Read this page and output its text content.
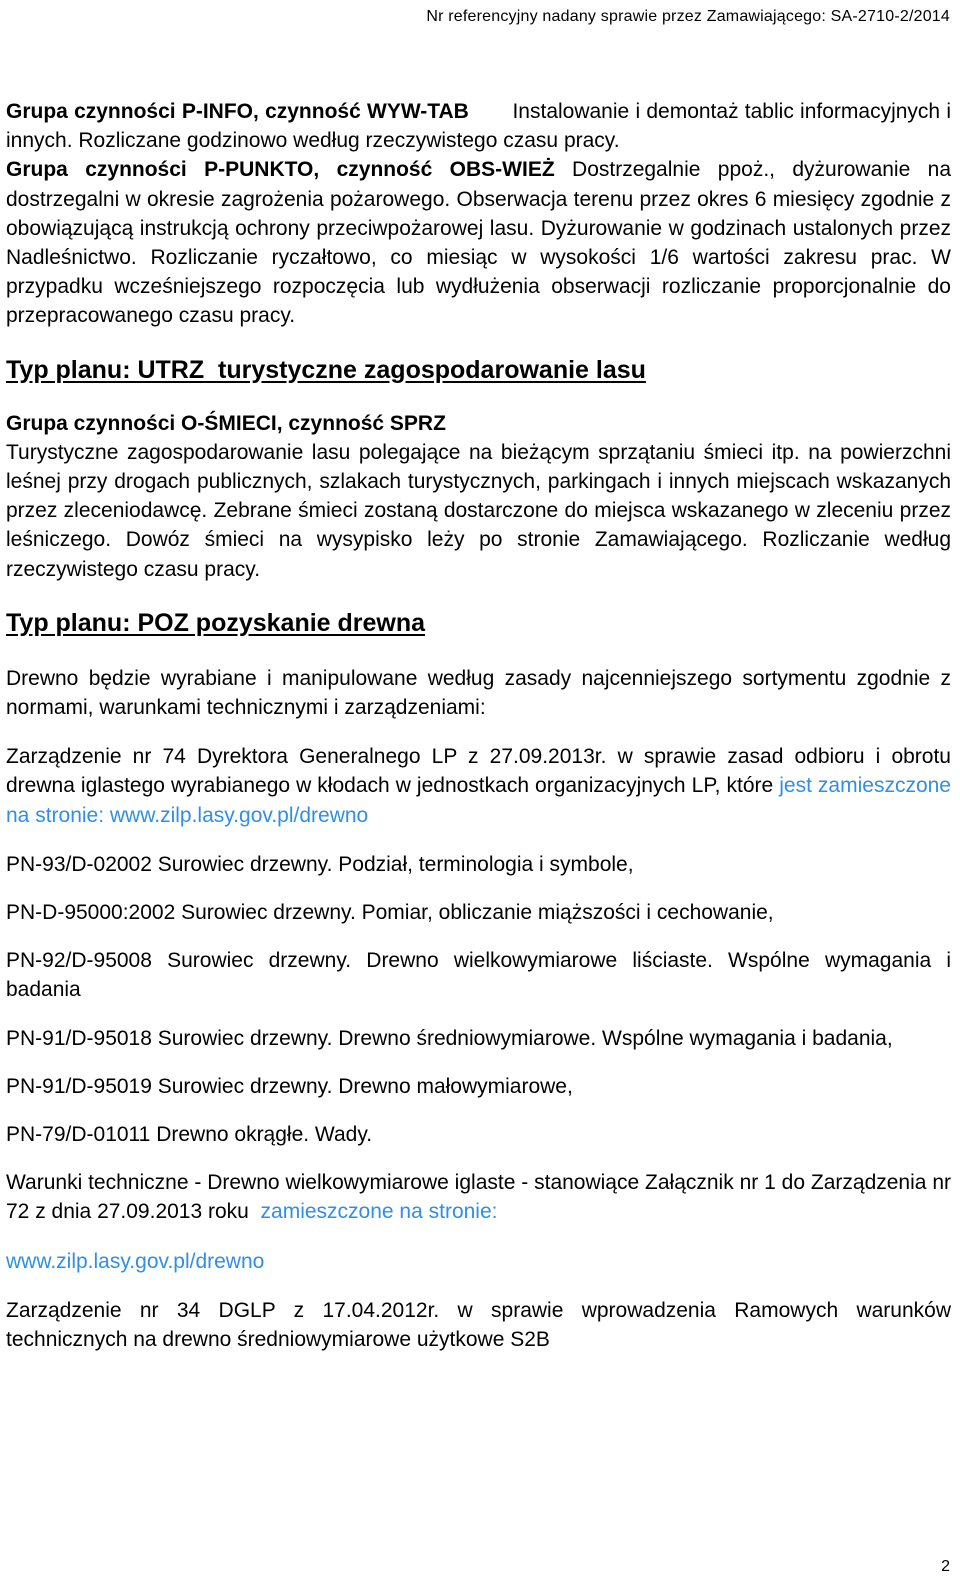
Nr referencyjny nadany sprawie przez Zamawiającego: SA-2710-2/2014

Grupa czynności P-INFO, czynność WYW-TAB Instalowanie i demontaż tablic informacyjnych i innych. Rozliczane godzinowo według rzeczywistego czasu pracy.

Grupa czynności P-PUNKTO, czynność OBS-WIEŻ Dostrzegalnie ppoż., dyżurowanie na dostrzegalni w okresie zagrożenia pożarowego. Obserwacja terenu przez okres 6 miesięcy zgodnie z obowiązującą instrukcją ochrony przeciwpożarowej lasu. Dyżurowanie w godzinach ustalonych przez Nadleśnictwo. Rozliczanie ryczałtowo, co miesiąc w wysokości 1/6 wartości zakresu prac. W przypadku wcześniejszego rozpoczęcia lub wydłużenia obserwacji rozliczanie proporcjonalnie do przepracowanego czasu pracy.

Typ planu: UTRZ  turystyczne zagospodarowanie lasu

Grupa czynności O-ŚMIECI, czynność SPRZ

Turystyczne zagospodarowanie lasu polegające na bieżącym sprzątaniu śmieci itp. na powierzchni leśnej przy drogach publicznych, szlakach turystycznych, parkingach i innych miejscach wskazanych przez zleceniodawcę. Zebrane śmieci zostaną dostarczone do miejsca wskazanego w zleceniu przez leśniczego. Dowóz śmieci na wysypisko leży po stronie Zamawiającego. Rozliczanie według rzeczywistego czasu pracy.

Typ planu: POZ pozyskanie drewna

Drewno będzie wyrabiane i manipulowane według zasady najcenniejszego sortymentu zgodnie z normami, warunkami technicznymi i zarządzeniami:

Zarządzenie nr 74 Dyrektora Generalnego LP z 27.09.2013r. w sprawie zasad odbioru i obrotu drewna iglastego wyrabianego w kłodach w jednostkach organizacyjnych LP, które jest zamieszczone na stronie: www.zilp.lasy.gov.pl/drewno

PN-93/D-02002 Surowiec drzewny. Podział, terminologia i symbole,

PN-D-95000:2002 Surowiec drzewny. Pomiar, obliczanie miąższości i cechowanie,

PN-92/D-95008 Surowiec drzewny. Drewno wielkowymiarowe liściaste. Wspólne wymagania i badania

PN-91/D-95018 Surowiec drzewny. Drewno średniowymiarowe. Wspólne wymagania i badania,

PN-91/D-95019 Surowiec drzewny. Drewno małowymiarowe,

PN-79/D-01011 Drewno okrągłe. Wady.

Warunki techniczne - Drewno wielkowymiarowe iglaste - stanowiące Załącznik nr 1 do Zarządzenia nr 72 z dnia 27.09.2013 roku zamieszczone na stronie:

www.zilp.lasy.gov.pl/drewno

Zarządzenie nr 34 DGLP z 17.04.2012r. w sprawie wprowadzenia Ramowych warunków technicznych na drewno średniowymiarowe użytkowe S2B

2
